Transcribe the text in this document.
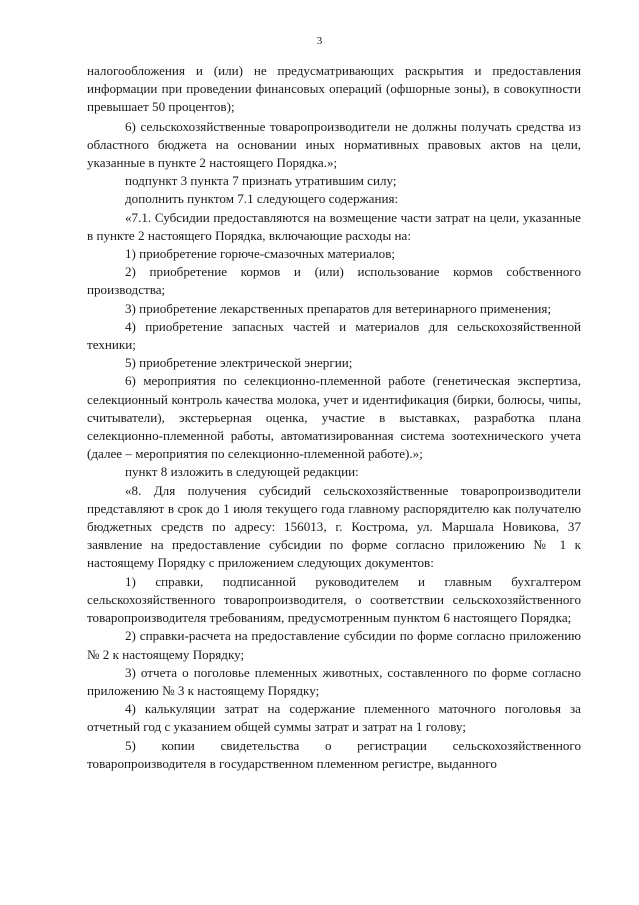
3

налогообложения и (или) не предусматривающих раскрытия и предоставления информации при проведении финансовых операций (офшорные зоны), в совокупности превышает 50 процентов);

6) сельскохозяйственные товаропроизводители не должны получать средства из областного бюджета на основании иных нормативных правовых актов на цели, указанные в пункте 2 настоящего Порядка.»;

подпункт 3 пункта 7 признать утратившим силу;

дополнить пунктом 7.1 следующего содержания:

«7.1. Субсидии предоставляются на возмещение части затрат на цели, указанные в пункте 2 настоящего Порядка, включающие расходы на:

1) приобретение горюче-смазочных материалов;

2) приобретение кормов и (или) использование кормов собственного производства;

3) приобретение лекарственных препаратов для ветеринарного применения;

4) приобретение запасных частей и материалов для сельскохозяйственной техники;

5) приобретение электрической энергии;

6) мероприятия по селекционно-племенной работе (генетическая экспертиза, селекционный контроль качества молока, учет и идентификация (бирки, болюсы, чипы, считыватели), экстерьерная оценка, участие в выставках, разработка плана селекционно-племенной работы, автоматизированная система зоотехнического учета (далее – мероприятия по селекционно-племенной работе).»;

пункт 8 изложить в следующей редакции:

«8. Для получения субсидий сельскохозяйственные товаропроизводители представляют в срок до 1 июля текущего года главному распорядителю как получателю бюджетных средств по адресу: 156013, г. Кострома, ул. Маршала Новикова, 37 заявление на предоставление субсидии по форме согласно приложению № 1 к настоящему Порядку с приложением следующих документов:

1) справки, подписанной руководителем и главным бухгалтером сельскохозяйственного товаропроизводителя, о соответствии сельскохозяйственного товаропроизводителя требованиям, предусмотренным пунктом 6 настоящего Порядка;

2) справки-расчета на предоставление субсидии по форме согласно приложению № 2 к настоящему Порядку;

3) отчета о поголовье племенных животных, составленного по форме согласно приложению № 3 к настоящему Порядку;

4) калькуляции затрат на содержание племенного маточного поголовья за отчетный год с указанием общей суммы затрат и затрат на 1 голову;

5) копии свидетельства о регистрации сельскохозяйственного товаропроизводителя в государственном племенном регистре, выданного
